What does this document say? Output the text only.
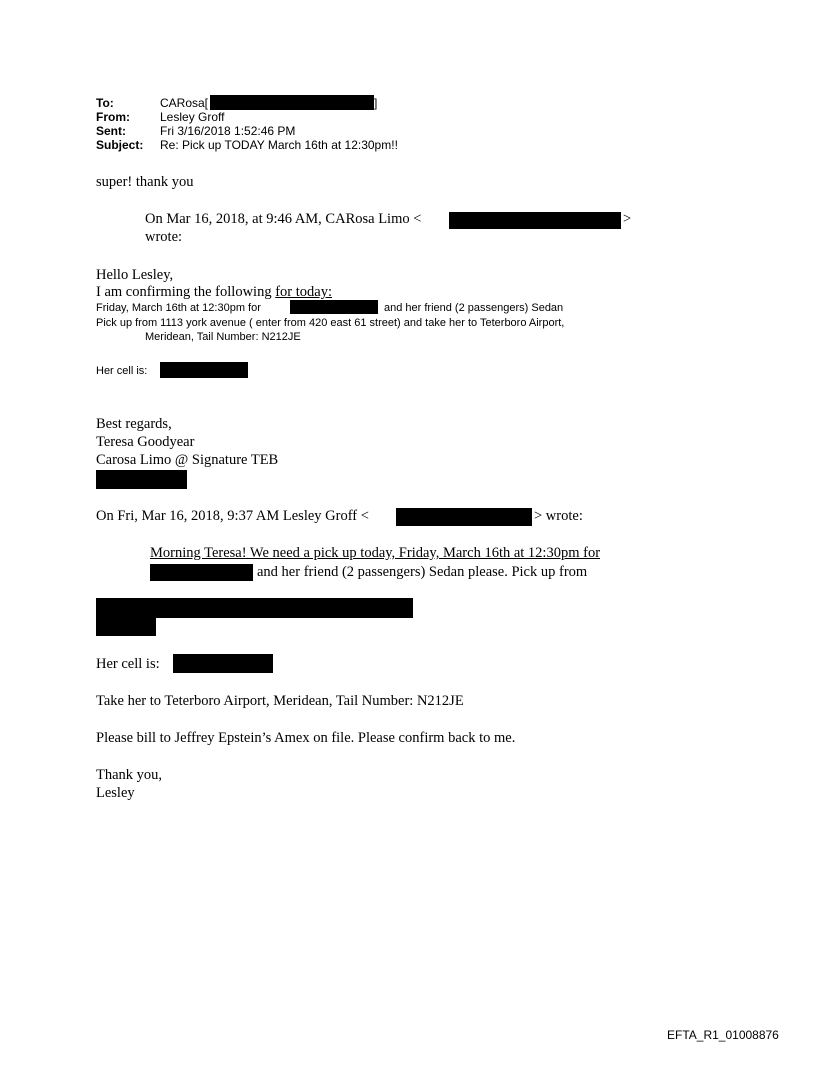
To:	CARosa[	]
From:	Lesley Groff
Sent:	Fri 3/16/2018 1:52:46 PM
Subject: Re: Pick up TODAY March 16th at 12:30pm!!
super! thank you
On Mar 16, 2018, at 9:46 AM, CARosa Limo <	>
wrote:
Hello Lesley,
I am confirming the following for today:
Friday, March 16th at 12:30pm for	and her friend (2 passengers) Sedan
Pick up from 1113 york avenue ( enter from 420 east 61 street) and take her to Teterboro Airport,
Meridean, Tail Number: N212JE
Her cell is:
Best regards,
Teresa Goodyear
Carosa Limo @ Signature TEB
On Fri, Mar 16, 2018, 9:37 AM Lesley Groff <	> wrote:
Morning Teresa! We need a pick up today, Friday, March 16th at 12:30pm for
and her friend (2 passengers) Sedan please. Pick up from
Her cell is:
Take her to Teterboro Airport, Meridean, Tail Number: N212JE
Please bill to Jeffrey Epstein’s Amex on file. Please confirm back to me.
Thank you,
Lesley
EFTA_R1_01008876
